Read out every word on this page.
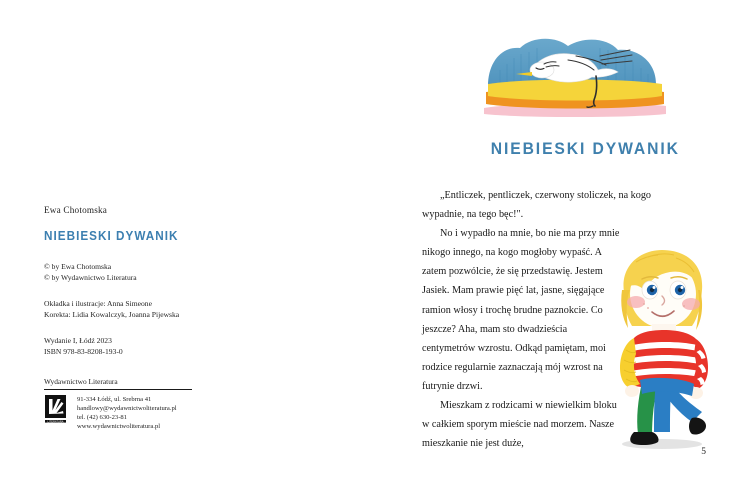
Ewa Chotomska
NIEBIESKI DYWANIK
© by Ewa Chotomska
© by Wydawnictwo Literatura
Okładka i ilustracje: Anna Simeone
Korekta: Lidia Kowalczyk, Joanna Pijewska
Wydanie I, Łódź 2023
ISBN 978-83-8208-193-0
Wydawnictwo Literatura
LITERATURA
91-334 Łódź, ul. Srebrna 41
handlowy@wydawnictwoliteratura.pl
tel. (42) 630-23-81
www.wydawnictwoliteratura.pl
NIEBIESKI DYWANIK

„Entliczek, pentliczek, czerwony stoliczek, na kogo wypadnie, na tego bęc!".

No i wypadło na mnie, bo nie ma przy mnie nikogo innego, na kogo mogłoby wypaść. A zatem pozwólcie, że się przedstawię. Jestem Jasiek. Mam prawie pięć lat, jasne, sięgające ramion włosy i trochę brudne paznokcie. Co jeszcze? Aha, mam sto dwadzieścia centymetrów wzrostu. Odkąd pamiętam, moi rodzice regularnie zaznaczają mój wzrost na futrynie drzwi.

Mieszkam z rodzicami w niewielkim bloku w całkiem sporym mieście nad morzem. Nasze mieszkanie nie jest duże,

5
